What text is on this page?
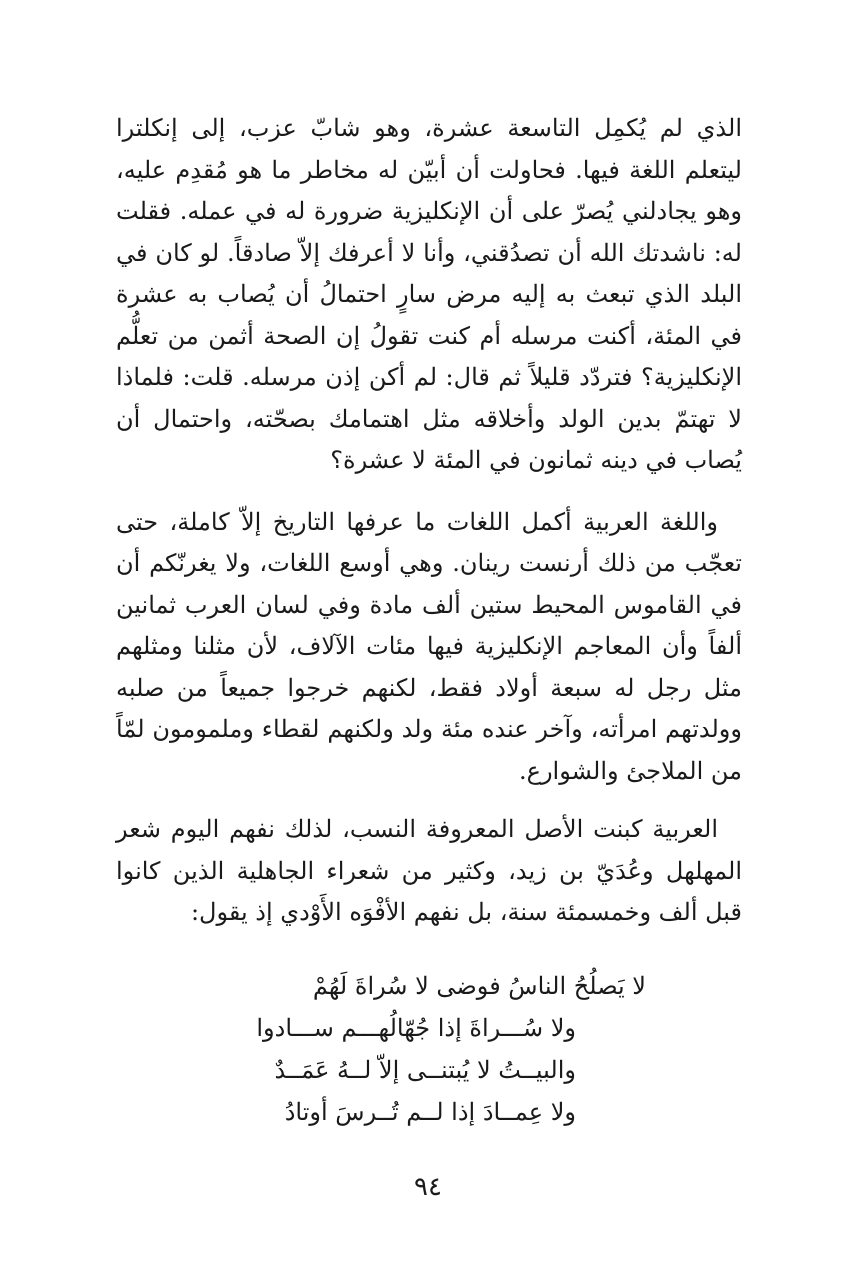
الذي لم يُكمِل التاسعة عشرة، وهو شابّ عزب، إلى إنكلترا ليتعلم اللغة فيها. فحاولت أن أبيّن له مخاطر ما هو مُقدِم عليه، وهو يجادلني يُصرّ على أن الإنكليزية ضرورة له في عمله. فقلت له: ناشدتك الله أن تصدُقني، وأنا لا أعرفك إلاّ صادقاً. لو كان في البلد الذي تبعث به إليه مرض سارٍ احتمالُ أن يُصاب به عشرة في المئة، أكنت مرسله أم كنت تقولُ إن الصحة أثمن من تعلُّم الإنكليزية؟ فتردّد قليلاً ثم قال: لم أكن إذن مرسله. قلت: فلماذا لا تهتمّ بدين الولد وأخلاقه مثل اهتمامك بصحّته، واحتمال أن يُصاب في دينه ثمانون في المئة لا عشرة؟

واللغة العربية أكمل اللغات ما عرفها التاريخ إلاّ كاملة، حتى تعجّب من ذلك أرنست رينان. وهي أوسع اللغات، ولا يغرنّكم أن في القاموس المحيط ستين ألف مادة وفي لسان العرب ثمانين ألفاً وأن المعاجم الإنكليزية فيها مئات الآلاف، لأن مثلنا ومثلهم مثل رجل له سبعة أولاد فقط، لكنهم خرجوا جميعاً من صلبه وولدتهم امرأته، وآخر عنده مئة ولد ولكنهم لقطاء وملمومون لمّاً من الملاجئ والشوارع.

العربية كبنت الأصل المعروفة النسب، لذلك نفهم اليوم شعر المهلهل وعُدَيّ بن زيد، وكثير من شعراء الجاهلية الذين كانوا قبل ألف وخمسمئة سنة، بل نفهم الأفْوَه الأَوْدي إذ يقول:

لا يَصلُحُ الناسُ فوضى لا سُراةَ لَهُمْ
ولا سُـــراةَ إذا جُهّالُهـــم ســـادوا
والبيــتُ لا يُبتنــى إلاّ لــهُ عَمَــدٌ
ولا عِمــادَ إذا لــم تُــرسَ أوتادُ
٩٤
